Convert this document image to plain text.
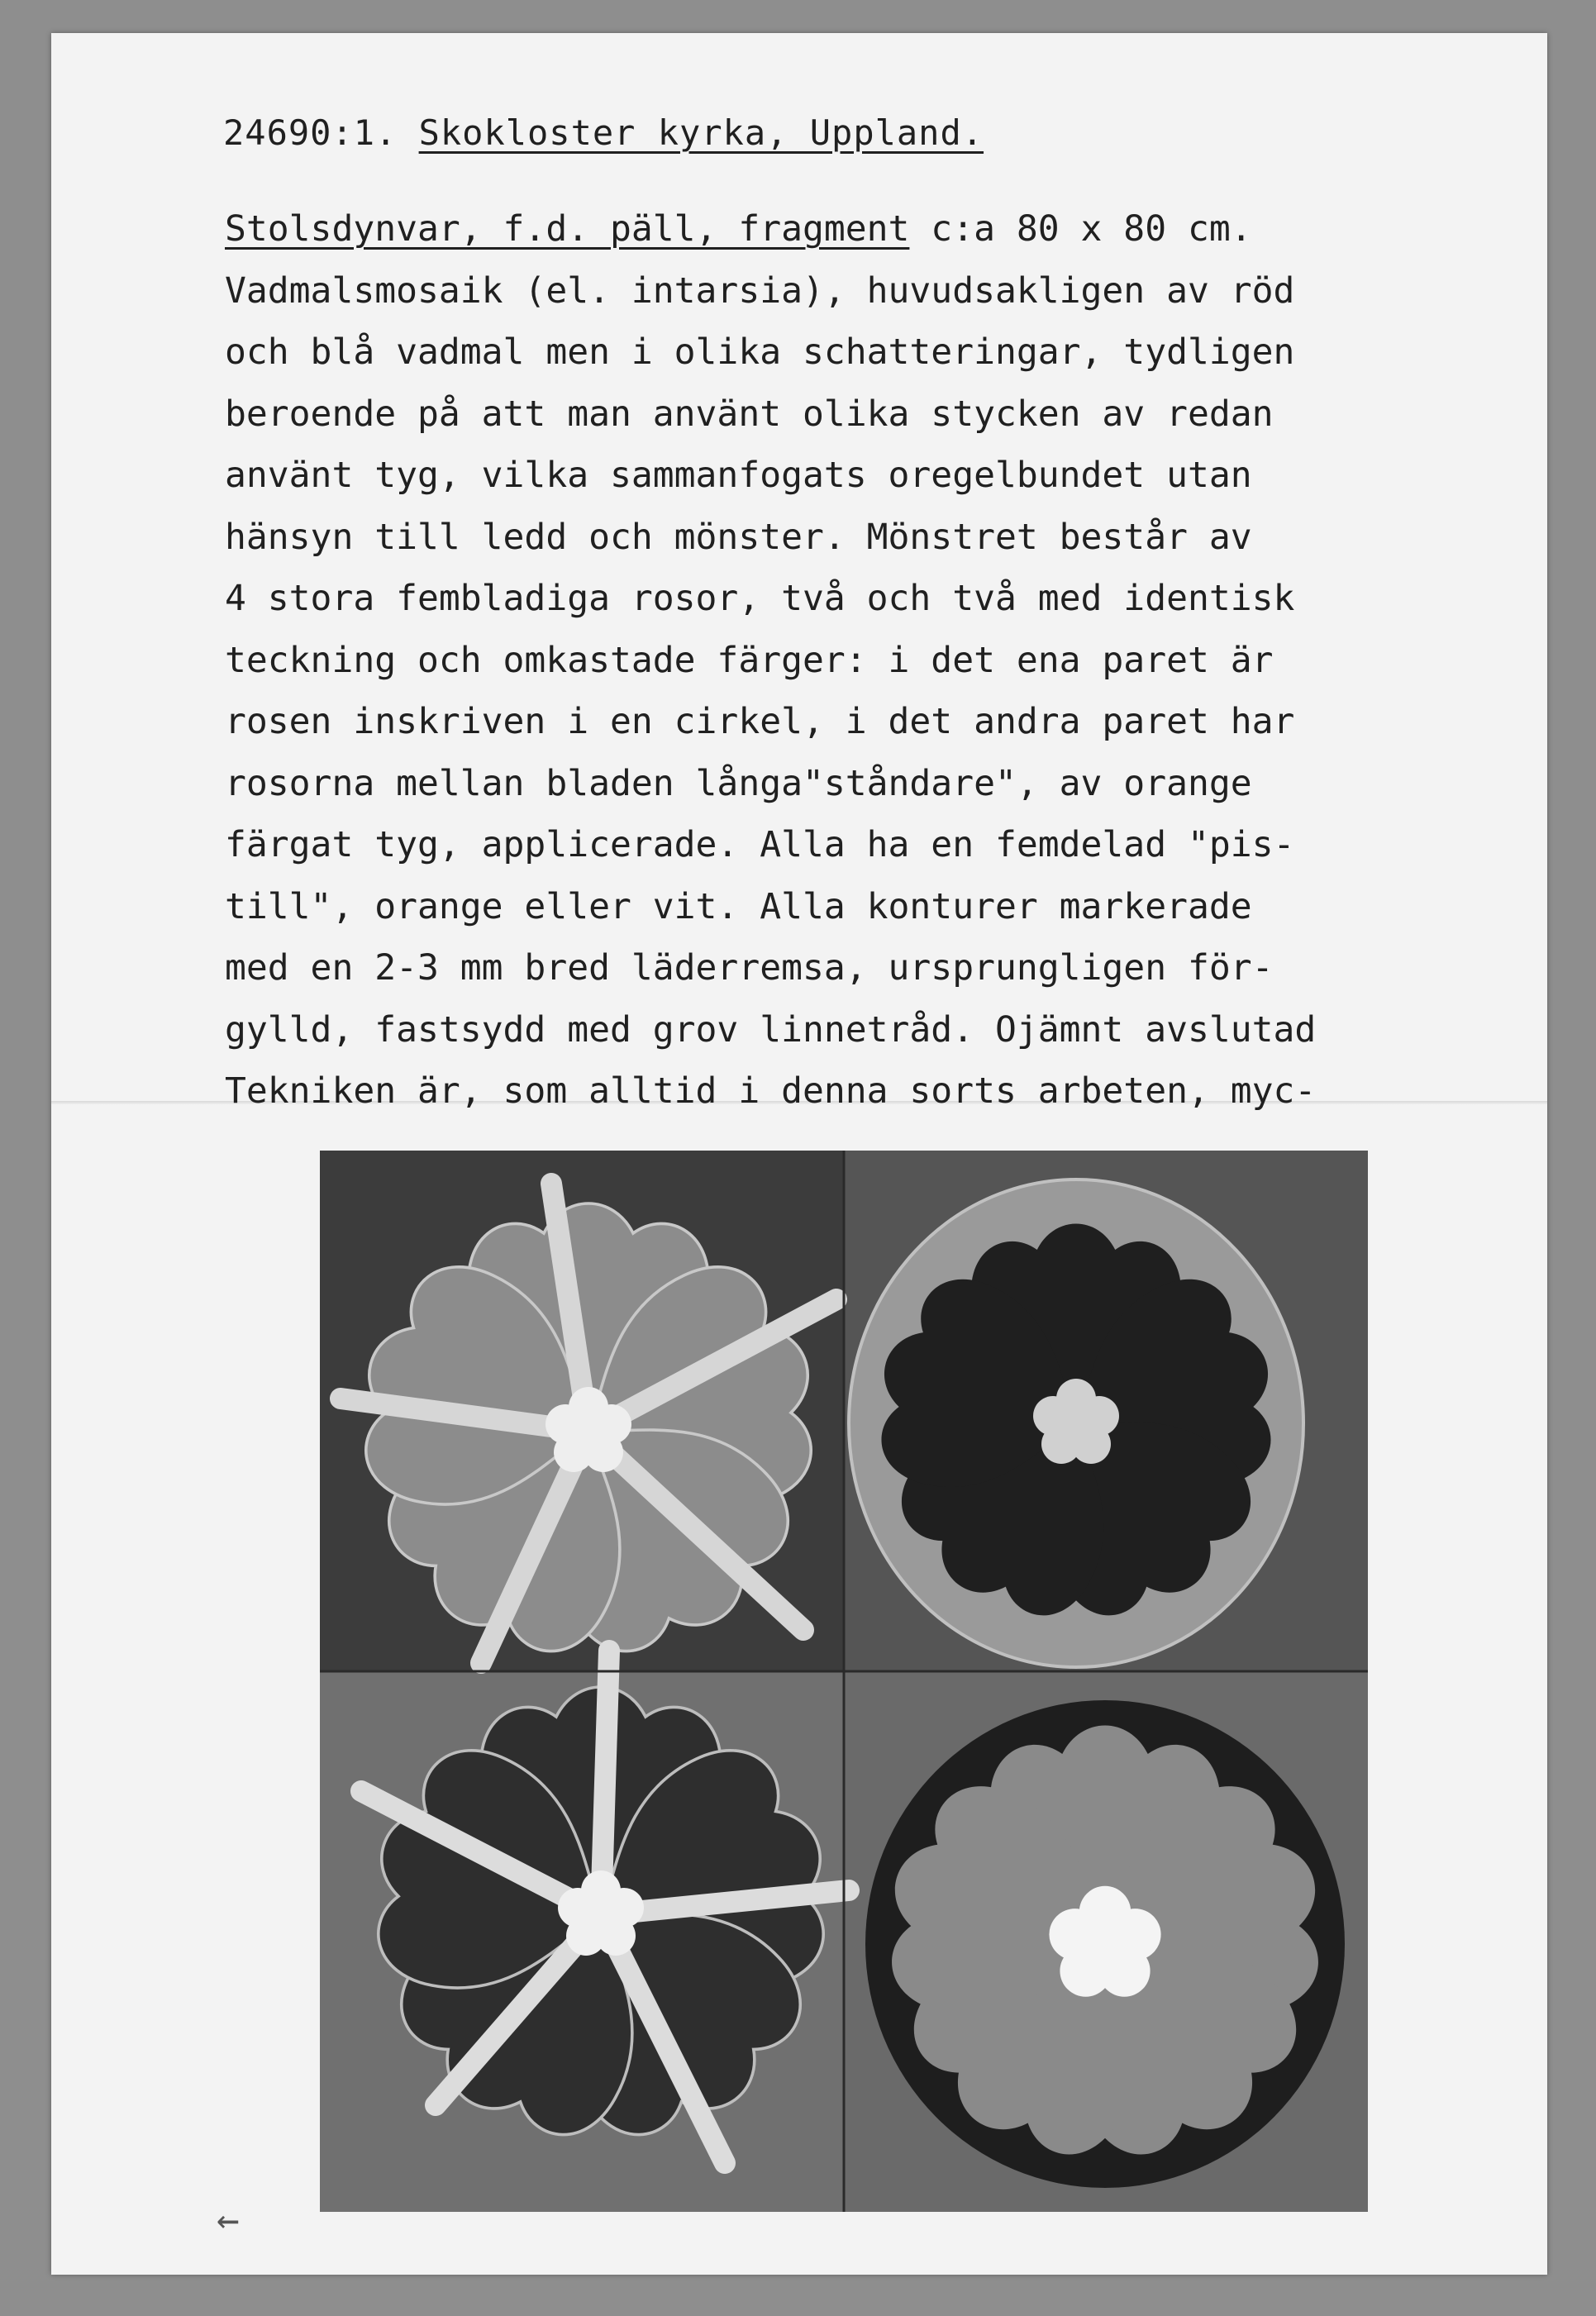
24690:1. Skokloster kyrka, Uppland.
Stolsdynvar, f.d. päll, fragment c:a 80 x 80 cm.
Vadmalsmosaik (el. intarsia), huvudsakligen av röd
och blå vadmal men i olika schatteringar, tydligen
beroende på att man använt olika stycken av redan
använt tyg, vilka sammanfogats oregelbundet utan
hänsyn till ledd och mönster. Mönstret består av
4 stora fembladiga rosor, två och två med identisk
teckning och omkastade färger: i det ena paret är
rosen inskriven i en cirkel, i det andra paret har
rosorna mellan bladen långa"ståndare", av orange
färgat tyg, applicerade. Alla ha en femdelad "pis-
till", orange eller vit. Alla konturer markerade
med en 2-3 mm bred läderremsa, ursprungligen för-
gylld, fastsydd med grov linnetråd. Ojämnt avslutad
Tekniken är, som alltid i denna sorts arbeten, myc-
←
